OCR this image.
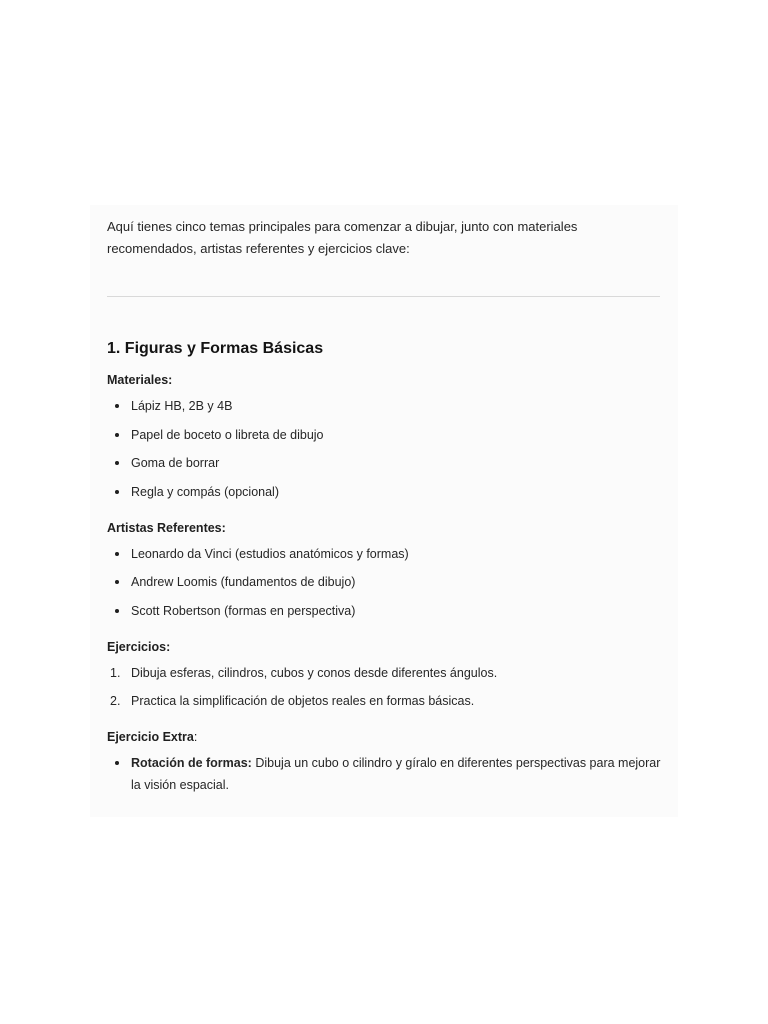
Aquí tienes cinco temas principales para comenzar a dibujar, junto con materiales recomendados, artistas referentes y ejercicios clave:

1. Figuras y Formas Básicas

Materiales:

Lápiz HB, 2B y 4B
Papel de boceto o libreta de dibujo
Goma de borrar
Regla y compás (opcional)

Artistas Referentes:

Leonardo da Vinci (estudios anatómicos y formas)
Andrew Loomis (fundamentos de dibujo)
Scott Robertson (formas en perspectiva)

Ejercicios:

1. Dibuja esferas, cilindros, cubos y conos desde diferentes ángulos.
2. Practica la simplificación de objetos reales en formas básicas.

Ejercicio Extra:

Rotación de formas: Dibuja un cubo o cilindro y gíralo en diferentes perspectivas para mejorar la visión espacial.
